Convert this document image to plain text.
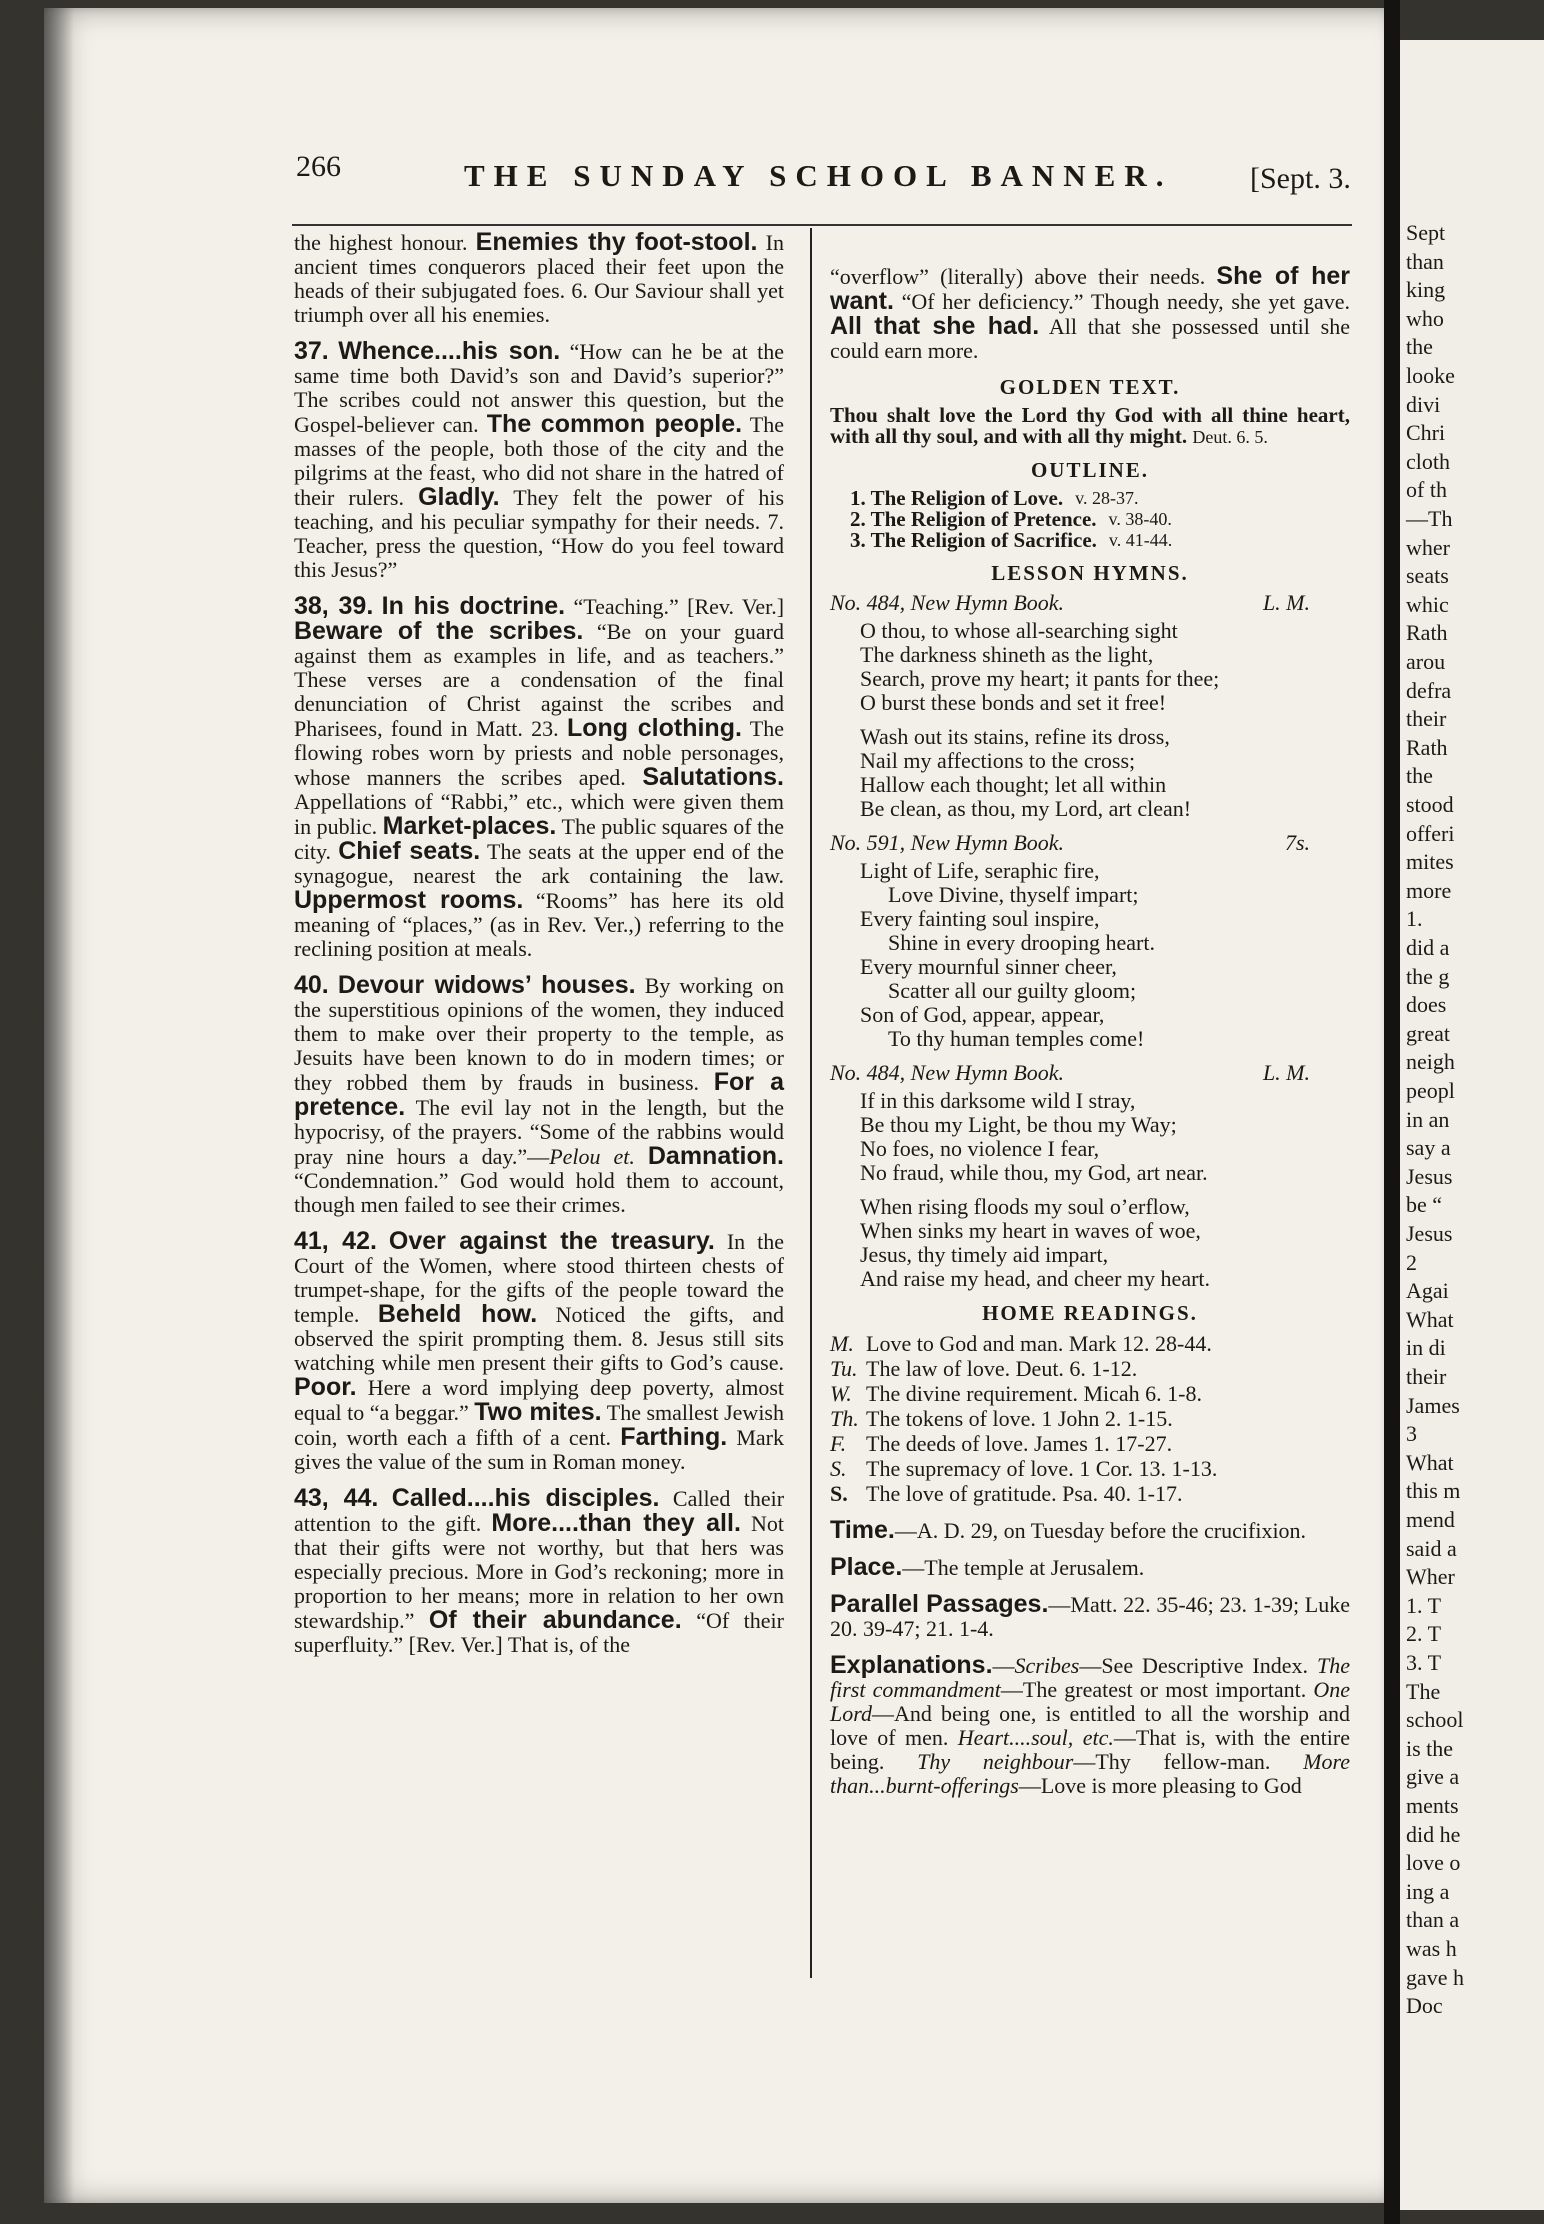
Sept
than
king
who
the
looke
divi
Chri
cloth
of th
—Th
wher
seats
whic
Rath
arou
defra
their
Rath
the
stood
offeri
mites
more
1.
did a
the g
does
great
neigh
peopl
in an
say a
Jesus
be “
Jesus
2
Agai
What
in di
their
James
3
What
this m
mend
said a
Wher
1. T
2. T
3. T
The
school
is the
give a
ments
did he
love o
ing a
than a
was h
gave h
Doc
266	THE SUNDAY SCHOOL BANNER.	[Sept. 3.

the highest honour. Enemies thy foot-stool. In ancient times conquerors placed their feet upon the heads of their subjugated foes. 6. Our Saviour shall yet triumph over all his enemies.

37. Whence....his son. “How can he be at the same time both David’s son and David’s superior?” The scribes could not answer this question, but the Gospel-believer can. The common people. The masses of the people, both those of the city and the pilgrims at the feast, who did not share in the hatred of their rulers. Gladly. They felt the power of his teaching, and his peculiar sympathy for their needs. 7. Teacher, press the question, “How do you feel toward this Jesus?”

38, 39. In his doctrine. “Teaching.” [Rev. Ver.] Beware of the scribes. “Be on your guard against them as examples in life, and as teachers.” These verses are a condensation of the final denunciation of Christ against the scribes and Pharisees, found in Matt. 23. Long clothing. The flowing robes worn by priests and noble personages, whose manners the scribes aped. Salutations. Appellations of “Rabbi,” etc., which were given them in public. Market-places. The public squares of the city. Chief seats. The seats at the upper end of the synagogue, nearest the ark containing the law. Uppermost rooms. “Rooms” has here its old meaning of “places,” (as in Rev. Ver.,) referring to the reclining position at meals.

40. Devour widows’ houses. By working on the superstitious opinions of the women, they induced them to make over their property to the temple, as Jesuits have been known to do in modern times; or they robbed them by frauds in business. For a pretence. The evil lay not in the length, but the hypocrisy, of the prayers. “Some of the rabbins would pray nine hours a day.”—Pelou et. Damnation. “Condemnation.” God would hold them to account, though men failed to see their crimes.

41, 42. Over against the treasury. In the Court of the Women, where stood thirteen chests of trumpet-shape, for the gifts of the people toward the temple. Beheld how. Noticed the gifts, and observed the spirit prompting them. 8. Jesus still sits watching while men present their gifts to God’s cause. Poor. Here a word implying deep poverty, almost equal to “a beggar.” Two mites. The smallest Jewish coin, worth each a fifth of a cent. Farthing. Mark gives the value of the sum in Roman money.

43, 44. Called....his disciples. Called their attention to the gift. More....than they all. Not that their gifts were not worthy, but that hers was especially precious. More in God’s reckoning; more in proportion to her means; more in relation to her own stewardship.” Of their abundance. “Of their superfluity.” [Rev. Ver.] That is, of the

“overflow” (literally) above their needs. She of her want. “Of her deficiency.” Though needy, she yet gave. All that she had. All that she possessed until she could earn more.

GOLDEN TEXT.
Thou shalt love the Lord thy God with all thine heart, with all thy soul, and with all thy might. Deut. 6. 5.
OUTLINE.
1. The Religion of Love. v. 28-37.
2. The Religion of Pretence. v. 38-40.
3. The Religion of Sacrifice. v. 41-44.
LESSON HYMNS.
No. 484, New Hymn Book.	L. M.
O thou, to whose all-searching sight
The darkness shineth as the light,
Search, prove my heart; it pants for thee;
O burst these bonds and set it free!
Wash out its stains, refine its dross,
Nail my affections to the cross;
Hallow each thought; let all within
Be clean, as thou, my Lord, art clean!
No. 591, New Hymn Book.	7s.
Light of Life, seraphic fire,
Love Divine, thyself impart;
Every fainting soul inspire,
Shine in every drooping heart.
Every mournful sinner cheer,
Scatter all our guilty gloom;
Son of God, appear, appear,
To thy human temples come!
No. 484, New Hymn Book.	L. M.
If in this darksome wild I stray,
Be thou my Light, be thou my Way;
No foes, no violence I fear,
No fraud, while thou, my God, art near.
When rising floods my soul o’erflow,
When sinks my heart in waves of woe,
Jesus, thy timely aid impart,
And raise my head, and cheer my heart.
HOME READINGS.
M. Love to God and man. Mark 12. 28-44.
Tu. The law of love. Deut. 6. 1-12.
W. The divine requirement. Micah 6. 1-8.
Th. The tokens of love. 1 John 2. 1-15.
F. The deeds of love. James 1. 17-27.
S. The supremacy of love. 1 Cor. 13. 1-13.
S. The love of gratitude. Psa. 40. 1-17.

Time.—A. D. 29, on Tuesday before the crucifixion.

Place.—The temple at Jerusalem.

Parallel Passages.—Matt. 22. 35-46; 23. 1-39; Luke 20. 39-47; 21. 1-4.

Explanations.—Scribes—See Descriptive Index. The first commandment—The greatest or most important. One Lord—And being one, is entitled to all the worship and love of men. Heart....soul, etc.—That is, with the entire being. Thy neighbour—Thy fellow-man. More than...burnt-offerings—Love is more pleasing to God
